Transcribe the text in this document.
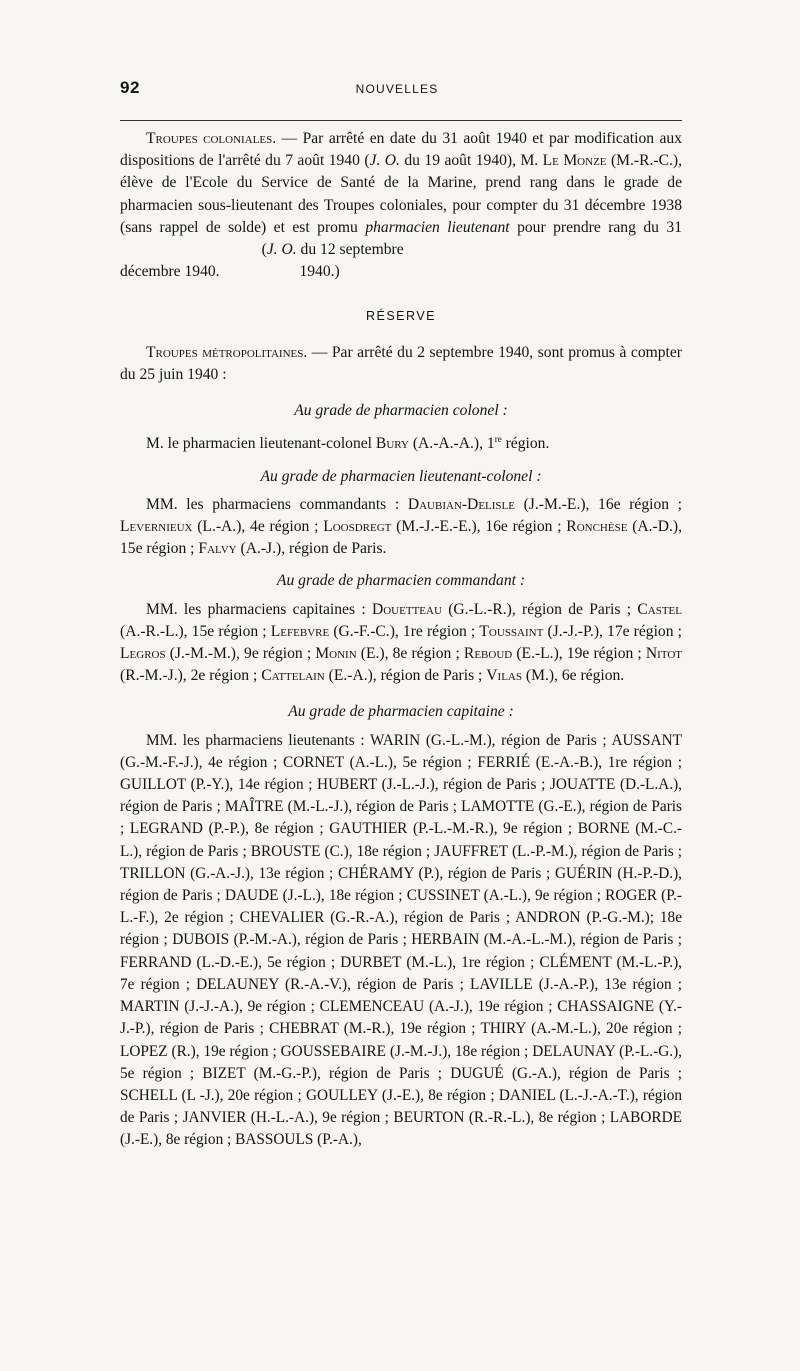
92	NOUVELLES

Troupes coloniales. — Par arrêté en date du 31 août 1940 et par modification aux dispositions de l'arrêté du 7 août 1940 (J. O. du 19 août 1940), M. Le Monze (M.-R.-C.), élève de l'Ecole du Service de Santé de la Marine, prend rang dans le grade de pharmacien sous-lieutenant des Troupes coloniales, pour compter du 31 décembre 1938 (sans rappel de solde) et est promu pharmacien lieutenant pour prendre rang du 31 décembre 1940.(J. O. du 12 septembre 1940.)

RÉSERVE

Troupes métropolitaines. — Par arrêté du 2 septembre 1940, sont promus à compter du 25 juin 1940 :

Au grade de pharmacien colonel :

M. le pharmacien lieutenant-colonel Bury (A.-A.-A.), 1re région.

Au grade de pharmacien lieutenant-colonel :

MM. les pharmaciens commandants : Daubian-Delisle (J.-M.-E.), 16e région ; Levernieux (L.-A.), 4e région ; Loosdregt (M.-J.-E.-E.), 16e région ; Ronchèse (A.-D.), 15e région ; Falvy (A.-J.), région de Paris.

Au grade de pharmacien commandant :

MM. les pharmaciens capitaines : Douetteau (G.-L.-R.), région de Paris ; Castel (A.-R.-L.), 15e région ; Lefebvre (G.-F.-C.), 1re région ; Toussaint (J.-J.-P.), 17e région ; Legros (J.-M.-M.), 9e région ; Monin (E.), 8e région ; Reboud (E.-L.), 19e région ; Nitot (R.-M.-J.), 2e région ; Cattelain (E.-A.), région de Paris ; Vilas (M.), 6e région.

Au grade de pharmacien capitaine :

MM. les pharmaciens lieutenants : WARIN (G.-L.-M.), région de Paris ; AUSSANT (G.-M.-F.-J.), 4e région ; CORNET (A.-L.), 5e région ; FERRIÉ (E.-A.-B.), 1re région ; GUILLOT (P.-Y.), 14e région ; HUBERT (J.-L.-J.), région de Paris ; JOUATTE (D.-L.A.), région de Paris ; MAÎTRE (M.-L.-J.), région de Paris ; LAMOTTE (G.-E.), région de Paris ; LEGRAND (P.-P.), 8e région ; GAUTHIER (P.-L.-M.-R.), 9e région ; BORNE (M.-C.-L.), région de Paris ; BROUSTE (C.), 18e région ; JAUFFRET (L.-P.-M.), région de Paris ; TRILLON (G.-A.-J.), 13e région ; CHÉRAMY (P.), région de Paris ; GUÉRIN (H.-P.-D.), région de Paris ; DAUDE (J.-L.), 18e région ; CUSSINET (A.-L.), 9e région ; ROGER (P.-L.-F.), 2e région ; CHEVALIER (G.-R.-A.), région de Paris ; ANDRON (P.-G.-M.); 18e région ; DUBOIS (P.-M.-A.), région de Paris ; HERBAIN (M.-A.-L.-M.), région de Paris ; FERRAND (L.-D.-E.), 5e région ; DURBET (M.-L.), 1re région ; CLÉMENT (M.-L.-P.), 7e région ; DELAUNEY (R.-A.-V.), région de Paris ; LAVILLE (J.-A.-P.), 13e région ; MARTIN (J.-J.-A.), 9e région ; CLEMENCEAU (A.-J.), 19e région ; CHASSAIGNE (Y.-J.-P.), région de Paris ; CHEBRAT (M.-R.), 19e région ; THIRY (A.-M.-L.), 20e région ; LOPEZ (R.), 19e région ; GOUSSEBAIRE (J.-M.-J.), 18e région ; DELAUNAY (P.-L.-G.), 5e région ; BIZET (M.-G.-P.), région de Paris ; DUGUÉ (G.-A.), région de Paris ; SCHELL (L -J.), 20e région ; GOULLEY (J.-E.), 8e région ; DANIEL (L.-J.-A.-T.), région de Paris ; JANVIER (H.-L.-A.), 9e région ; BEURTON (R.-R.-L.), 8e région ; LABORDE (J.-E.), 8e région ; BASSOULS (P.-A.),
